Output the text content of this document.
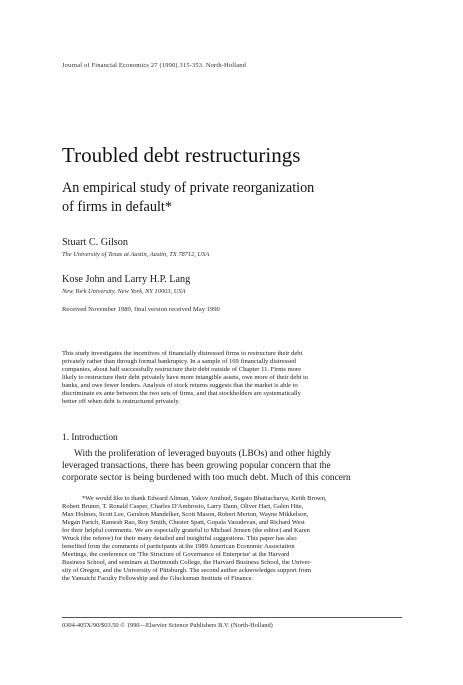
Journal of Financial Economics 27 (1990) 315-353. North-Holland
Troubled debt restructurings
An empirical study of private reorganization
of firms in default*
Stuart C. Gilson
The University of Texas at Austin, Austin, TX 78712, USA
Kose John and Larry H.P. Lang
New York University, New York, NY 10003, USA
Received November 1989, final version received May 1990
This study investigates the incentives of financially distressed firms to restructure their debt
privately rather than through formal bankruptcy. In a sample of 169 financially distressed
companies, about half successfully restructure their debt outside of Chapter 11. Firms more
likely to restructure their debt privately have more intangible assets, owe more of their debt to
banks, and owe fewer lenders. Analysis of stock returns suggests that the market is able to
discriminate ex ante between the two sets of firms, and that stockholders are systematically
better off when debt is restructured privately.
1. Introduction
With the proliferation of leveraged buyouts (LBOs) and other highly
leveraged transactions, there has been growing popular concern that the
corporate sector is being burdened with too much debt. Much of this concern
*We would like to thank Edward Altman, Yakov Amihud, Sugato Bhattacharya, Keith Brown,
Robert Bruner, T. Ronald Casper, Charles D'Ambrosio, Larry Dann, Oliver Hart, Galen Hite,
Max Holmes, Scott Lee, Gershon Mandelker, Scott Mason, Robert Merton, Wayne Mikkelson,
Megan Partch, Ramesh Rao, Roy Smith, Chester Spatt, Gopala Vasudevan, and Richard West
for their helpful comments. We are especially grateful to Michael Jensen (the editor) and Karen
Wruck (the referee) for their many detailed and insightful suggestions. This paper has also
benefited from the comments of participants at the 1989 American Economic Association
Meetings, the conference on 'The Structure of Governance of Enterprise' at the Harvard
Business School, and seminars at Dartmouth College, the Harvard Business School, the Univer-
sity of Oregon, and the University of Pittsburgh. The second author acknowledges support from
the Yamaichi Faculty Fellowship and the Glucksman Institute of Finance.
0304-405X/90/$03.50 © 1990—Elsevier Science Publishers B.V. (North-Holland)
